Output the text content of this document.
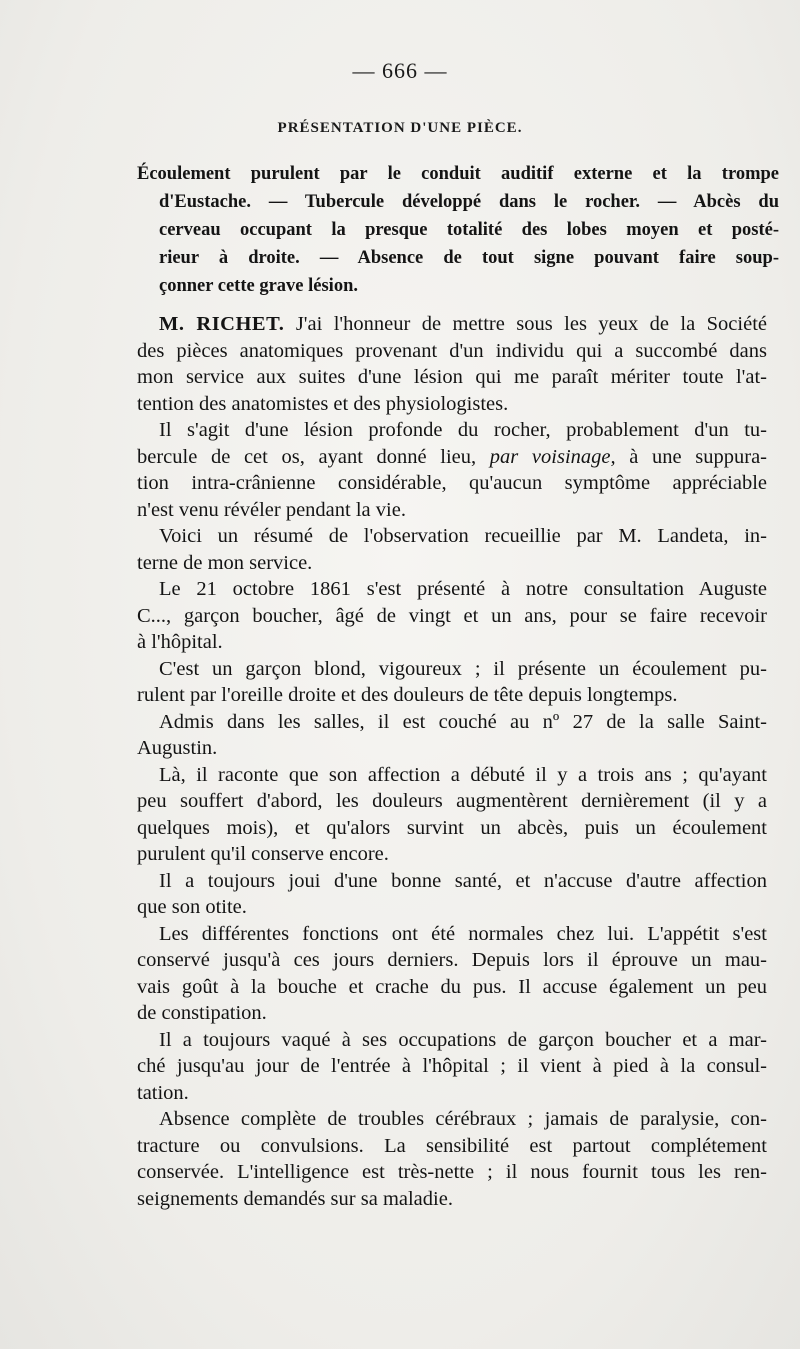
— 666 —
PRÉSENTATION D'UNE PIÈCE.
Écoulement purulent par le conduit auditif externe et la trompe
d'Eustache. — Tubercule développé dans le rocher. — Abcès du
cerveau occupant la presque totalité des lobes moyen et posté-
rieur à droite. — Absence de tout signe pouvant faire soup-
çonner cette grave lésion.
M. RICHET. J'ai l'honneur de mettre sous les yeux de la Société
des pièces anatomiques provenant d'un individu qui a succombé dans
mon service aux suites d'une lésion qui me paraît mériter toute l'at-
tention des anatomistes et des physiologistes.
Il s'agit d'une lésion profonde du rocher, probablement d'un tu-
bercule de cet os, ayant donné lieu, par voisinage, à une suppura-
tion intra-crânienne considérable, qu'aucun symptôme appréciable
n'est venu révéler pendant la vie.
Voici un résumé de l'observation recueillie par M. Landeta, in-
terne de mon service.
Le 21 octobre 1861 s'est présenté à notre consultation Auguste
C..., garçon boucher, âgé de vingt et un ans, pour se faire recevoir
à l'hôpital.
C'est un garçon blond, vigoureux ; il présente un écoulement pu-
rulent par l'oreille droite et des douleurs de tête depuis longtemps.
Admis dans les salles, il est couché au nº 27 de la salle Saint-
Augustin.
Là, il raconte que son affection a débuté il y a trois ans ; qu'ayant
peu souffert d'abord, les douleurs augmentèrent dernièrement (il y a
quelques mois), et qu'alors survint un abcès, puis un écoulement
purulent qu'il conserve encore.
Il a toujours joui d'une bonne santé, et n'accuse d'autre affection
que son otite.
Les différentes fonctions ont été normales chez lui. L'appétit s'est
conservé jusqu'à ces jours derniers. Depuis lors il éprouve un mau-
vais goût à la bouche et crache du pus. Il accuse également un peu
de constipation.
Il a toujours vaqué à ses occupations de garçon boucher et a mar-
ché jusqu'au jour de l'entrée à l'hôpital ; il vient à pied à la consul-
tation.
Absence complète de troubles cérébraux ; jamais de paralysie, con-
tracture ou convulsions. La sensibilité est partout complétement
conservée. L'intelligence est très-nette ; il nous fournit tous les ren-
seignements demandés sur sa maladie.
